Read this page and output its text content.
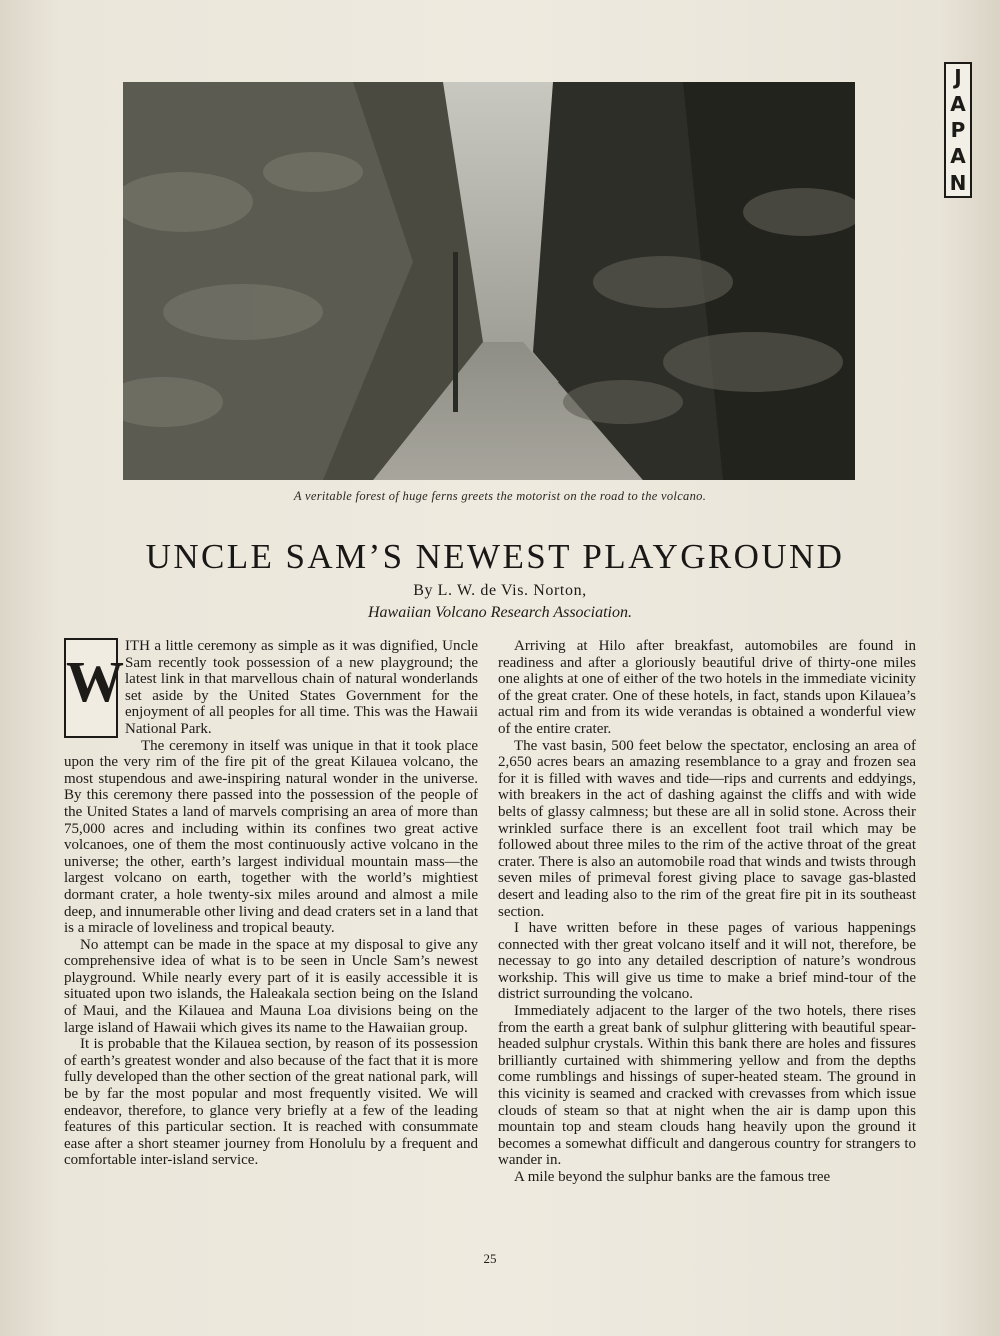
J
A
P
A
N
A veritable forest of huge ferns greets the motorist on the road to the volcano.
UNCLE SAM’S NEWEST PLAYGROUND
By L. W. de Vis. Norton,
Hawaiian Volcano Research Association.
W

ITH a little ceremony as simple as it was dignified, Uncle Sam recently took possession of a new playground; the latest link in that marvellous chain of natural wonderlands set aside by the United States Government for the enjoyment of all peoples for all time. This was the Hawaii National Park.

The ceremony in itself was unique in that it took place upon the very rim of the fire pit of the great Kilauea volcano, the most stupendous and awe-inspiring natural wonder in the universe. By this ceremony there passed into the possession of the people of the United States a land of marvels comprising an area of more than 75,000 acres and including within its confines two great active volcanoes, one of them the most continuously active volcano in the universe; the other, earth’s largest individual mountain mass—the largest volcano on earth, together with the world’s mightiest dormant crater, a hole twenty-six miles around and almost a mile deep, and innumerable other living and dead craters set in a land that is a miracle of loveliness and tropical beauty.

No attempt can be made in the space at my disposal to give any comprehensive idea of what is to be seen in Uncle Sam’s newest playground. While nearly every part of it is easily accessible it is situated upon two islands, the Haleakala section being on the Island of Maui, and the Kilauea and Mauna Loa divisions being on the large island of Hawaii which gives its name to the Hawaiian group.

It is probable that the Kilauea section, by reason of its possession of earth’s greatest wonder and also because of the fact that it is more fully developed than the other section of the great national park, will be by far the most popular and most frequently visited. We will endeavor, therefore, to glance very briefly at a few of the leading features of this particular section. It is reached with consummate ease after a short steamer journey from Honolulu by a frequent and comfortable inter-island service.

Arriving at Hilo after breakfast, automobiles are found in readiness and after a gloriously beautiful drive of thirty-one miles one alights at one of either of the two hotels in the immediate vicinity of the great crater. One of these hotels, in fact, stands upon Kilauea’s actual rim and from its wide verandas is obtained a wonderful view of the entire crater.

The vast basin, 500 feet below the spectator, enclosing an area of 2,650 acres bears an amazing resemblance to a gray and frozen sea for it is filled with waves and tide—rips and currents and eddyings, with breakers in the act of dashing against the cliffs and with wide belts of glassy calmness; but these are all in solid stone. Across their wrinkled surface there is an excellent foot trail which may be followed about three miles to the rim of the active throat of the great crater. There is also an automobile road that winds and twists through seven miles of primeval forest giving place to savage gas-blasted desert and leading also to the rim of the great fire pit in its southeast section.

I have written before in these pages of various happenings connected with ther great volcano itself and it will not, therefore, be necessay to go into any detailed description of nature’s wondrous workship. This will give us time to make a brief mind-tour of the district surrounding the volcano.

Immediately adjacent to the larger of the two hotels, there rises from the earth a great bank of sulphur glittering with beautiful spear-headed sulphur crystals. Within this bank there are holes and fissures brilliantly curtained with shimmering yellow and from the depths come rumblings and hissings of super-heated steam. The ground in this vicinity is seamed and cracked with crevasses from which issue clouds of steam so that at night when the air is damp upon this mountain top and steam clouds hang heavily upon the ground it becomes a somewhat difficult and dangerous country for strangers to wander in.

A mile beyond the sulphur banks are the famous tree

25
